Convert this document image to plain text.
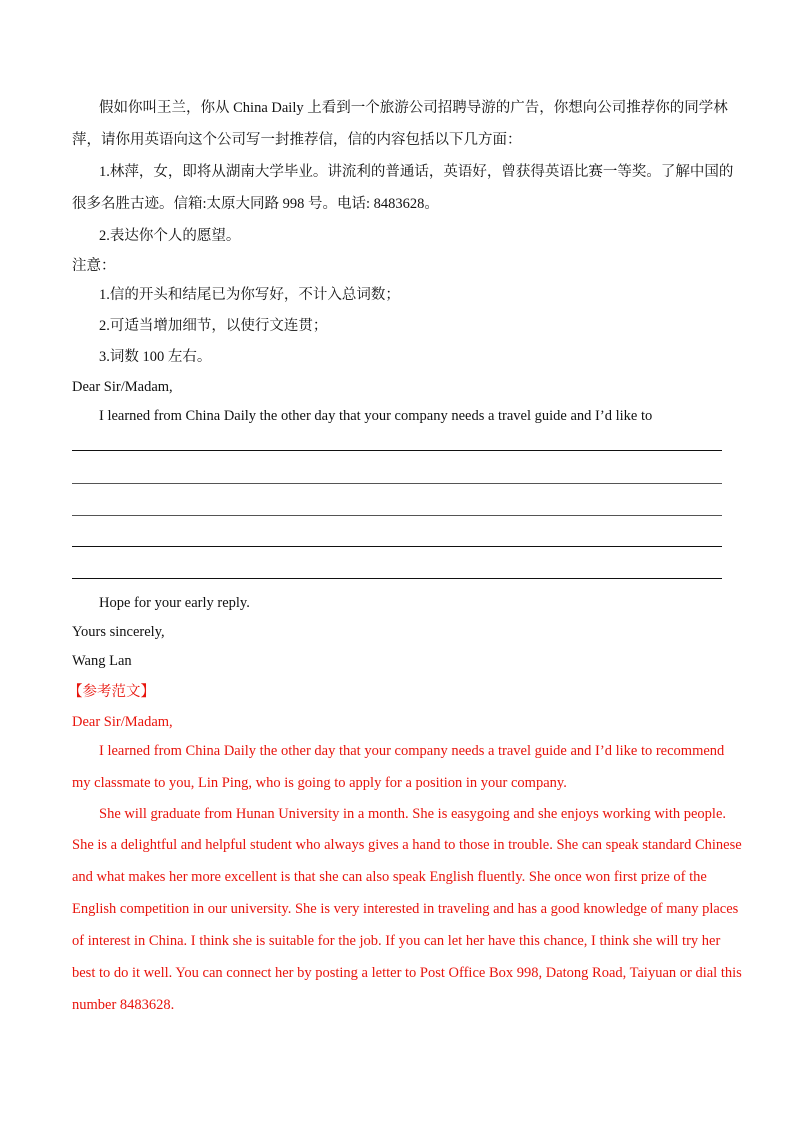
假如你叫王兰，你从 China Daily 上看到一个旅游公司招聘导游的广告，你想向公司推荐你的同学林
萍，请你用英语向这个公司写一封推荐信，信的内容包括以下几方面：
1.林萍，女，即将从湖南大学毕业。讲流利的普通话，英语好，曾获得英语比赛一等奖。了解中国的
很多名胜古迹。信箱:太原大同路 998 号。电话: 8483628。
2.表达你个人的愿望。
注意：
1.信的开头和结尾已为你写好，不计入总词数；
2.可适当增加细节，以使行文连贯；
3.词数 100 左右。
Dear Sir/Madam,
I learned from China Daily the other day that your company needs a travel guide and I’d like to
Hope for your early reply.
Yours sincerely,
Wang Lan
【参考范文】
Dear Sir/Madam,
I learned from China Daily the other day that your company needs a travel guide and I’d like to recommend
my classmate to you, Lin Ping, who is going to apply for a position in your company.
She will graduate from Hunan University in a month. She is easygoing and she enjoys working with people.
She is a delightful and helpful student who always gives a hand to those in trouble. She can speak standard Chinese
and what makes her more excellent is that she can also speak English fluently. She once won first prize of the
English competition in our university. She is very interested in traveling and has a good knowledge of many places
of interest in China. I think she is suitable for the job. If you can let her have this chance, I think she will try her
best to do it well. You can connect her by posting a letter to Post Office Box 998, Datong Road, Taiyuan or dial this
number 8483628.
